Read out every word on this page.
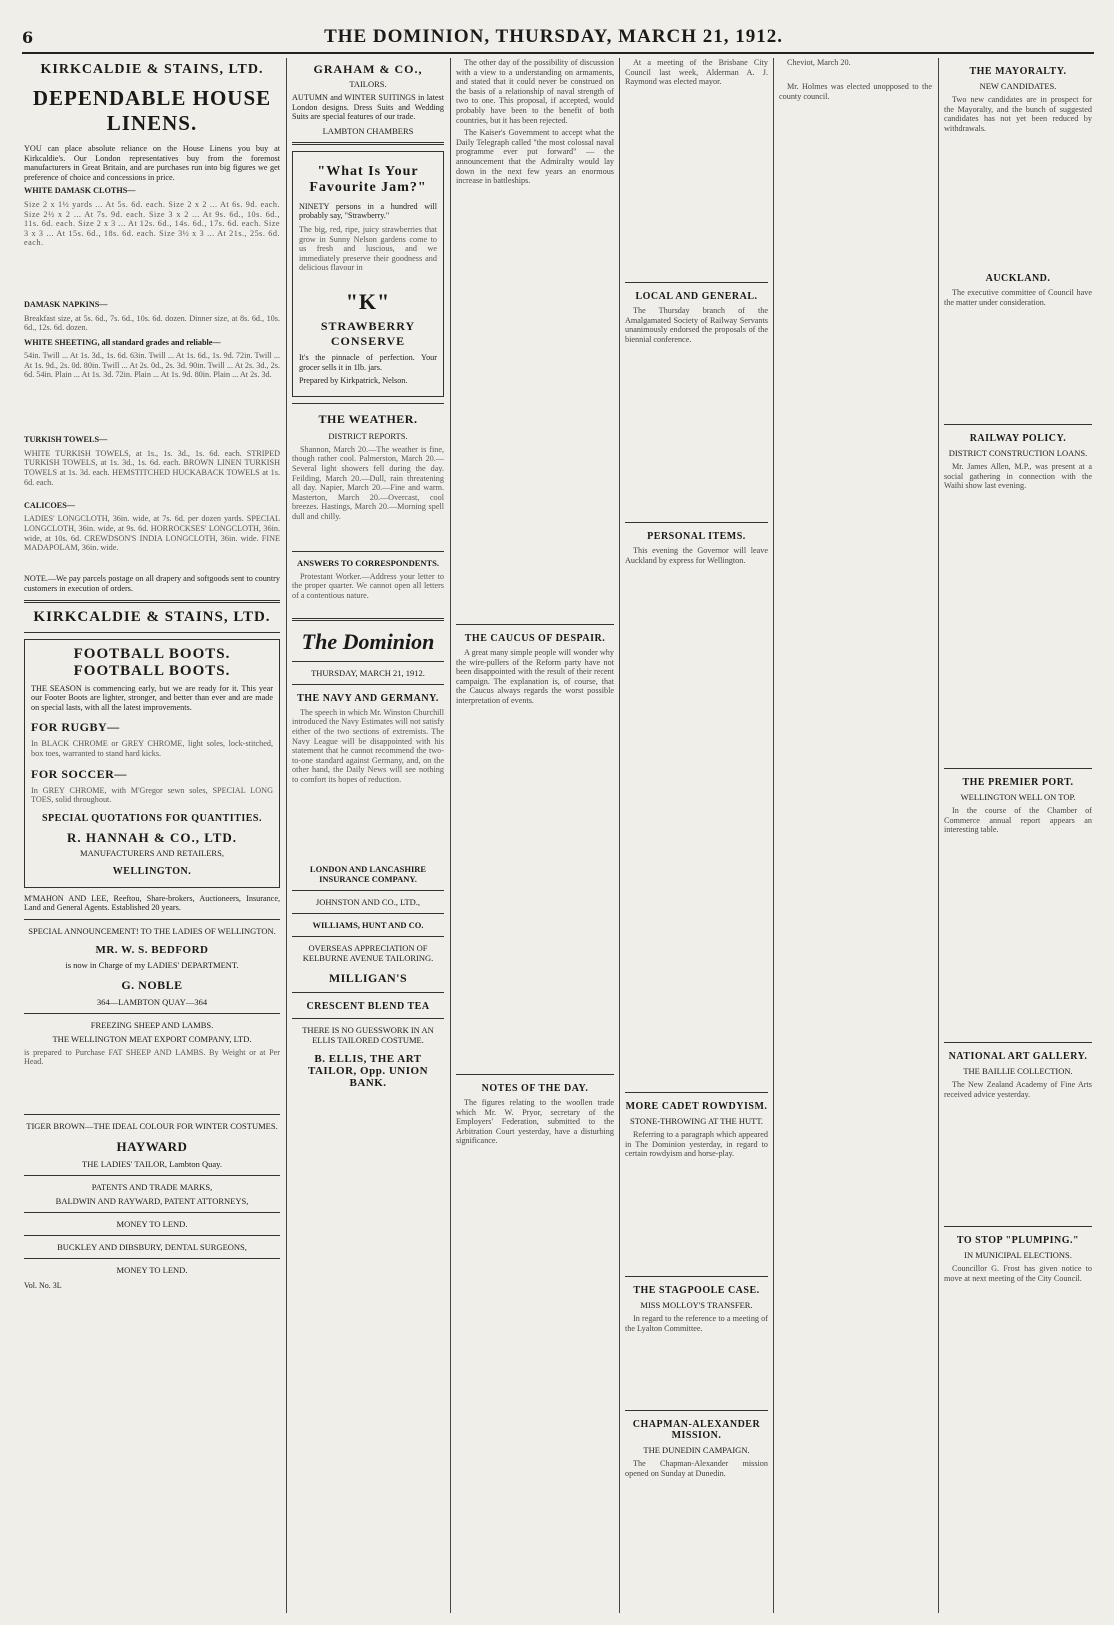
6	THE DOMINION, THURSDAY, MARCH 21, 1912.
KIRKCALDIE & STAINS, LTD.
DEPENDABLE HOUSE LINENS.
YOU can place absolute reliance on the House Linens you buy at Kirkcaldie's. Our London representatives buy from the foremost manufacturers in Great Britain, and are purchases run into big figures we get preference of choice and concessions in price.
WHITE DAMASK CLOTHS—
Size 2 x 1½ yards ... At 5s. 6d. each. Size 2 x 2 ... At 6s. 9d. each. Size 2½ x 2 ... At 7s. 9d. each. Size 3 x 2 ... At 9s. 6d., 10s. 6d., 11s. 6d. each. Size 2 x 3 ... At 12s. 6d., 14s. 6d., 17s. 6d. each. Size 3 x 3 ... At 15s. 6d., 18s. 6d. each. Size 3½ x 3 ... At 21s., 25s. 6d. each.
DAMASK NAPKINS—
Breakfast size, at 5s. 6d., 7s. 6d., 10s. 6d. dozen. Dinner size, at 8s. 6d., 10s. 6d., 12s. 6d. dozen.
WHITE SHEETING, all standard grades and reliable—
54in. Twill ... At 1s. 3d., 1s. 6d. 63in. Twill ... At 1s. 6d., 1s. 9d. 72in. Twill ... At 1s. 9d., 2s. 0d. 80in. Twill ... At 2s. 0d., 2s. 3d. 90in. Twill ... At 2s. 3d., 2s. 6d. 54in. Plain ... At 1s. 3d. 72in. Plain ... At 1s. 9d. 80in. Plain ... At 2s. 3d.
TURKISH TOWELS—
WHITE TURKISH TOWELS, at 1s., 1s. 3d., 1s. 6d. each. STRIPED TURKISH TOWELS, at 1s. 3d., 1s. 6d. each. BROWN LINEN TURKISH TOWELS at 1s. 3d. each. HEMSTITCHED HUCKABACK TOWELS at 1s. 6d. each.
CALICOES—
LADIES' LONGCLOTH, 36in. wide, at 7s. 6d. per dozen yards. SPECIAL LONGCLOTH, 36in. wide, at 9s. 6d. HORROCKSES' LONGCLOTH, 36in. wide, at 10s. 6d. CREWDSON'S INDIA LONGCLOTH, 36in. wide. FINE MADAPOLAM, 36in. wide.
NOTE.—We pay parcels postage on all drapery and softgoods sent to country customers in execution of orders.
KIRKCALDIE & STAINS, LTD.
FOOTBALL BOOTS. FOOTBALL BOOTS.
THE SEASON is commencing early, but we are ready for it. This year our Footer Boots are lighter, stronger, and better than ever and are made on special lasts, with all the latest improvements.
FOR RUGBY—
In BLACK CHROME or GREY CHROME, light soles, lock-stitched, box toes, warranted to stand hard kicks.
FOR SOCCER—
In GREY CHROME, with M'Gregor sewn soles, SPECIAL LONG TOES, solid throughout.
SPECIAL QUOTATIONS FOR QUANTITIES.
R. HANNAH & CO., LTD.
MANUFACTURERS AND RETAILERS,
WELLINGTON.
M'MAHON AND LEE, Reeftou, Share-brokers, Auctioneers, Insurance, Land and General Agents. Established 20 years.
SPECIAL ANNOUNCEMENT! TO THE LADIES OF WELLINGTON.
MR. W. S. BEDFORD
is now in Charge of my LADIES' DEPARTMENT.
G. NOBLE
364—LAMBTON QUAY—364
FREEZING SHEEP AND LAMBS.
THE WELLINGTON MEAT EXPORT COMPANY, LTD.
is prepared to Purchase FAT SHEEP AND LAMBS. By Weight or at Per Head.
TIGER BROWN—THE IDEAL COLOUR FOR WINTER COSTUMES.
HAYWARD
THE LADIES' TAILOR, Lambton Quay.
PATENTS AND TRADE MARKS,
BALDWIN AND RAYWARD, PATENT ATTORNEYS,
MONEY TO LEND.
BUCKLEY AND DIBSBURY, DENTAL SURGEONS,
MONEY TO LEND.
Vol. No. 3L
GRAHAM & CO.,
TAILORS.
AUTUMN and WINTER SUITINGS in latest London designs. Dress Suits and Wedding Suits are special features of our trade.
LAMBTON CHAMBERS
"What Is Your Favourite Jam?"
NINETY persons in a hundred will probably say, "Strawberry."
The big, red, ripe, juicy strawberries that grow in Sunny Nelson gardens come to us fresh and luscious, and we immediately preserve their goodness and delicious flavour in
"K"
STRAWBERRY CONSERVE
It's the pinnacle of perfection. Your grocer sells it in 1lb. jars.
Prepared by Kirkpatrick, Nelson.
THE WEATHER.
DISTRICT REPORTS.

Shannon, March 20.—The weather is fine, though rather cool. Palmerston, March 20.—Several light showers fell during the day. Feilding, March 20.—Dull, rain threatening all day. Napier, March 20.—Fine and warm. Masterton, March 20.—Overcast, cool breezes. Hastings, March 20.—Morning spell dull and chilly.

ANSWERS TO CORRESPONDENTS.

Protestant Worker.—Address your letter to the proper quarter. We cannot open all letters of a contentious nature.

The Dominion
THURSDAY, MARCH 21, 1912.
THE NAVY AND GERMANY.

The speech in which Mr. Winston Churchill introduced the Navy Estimates will not satisfy either of the two sections of extremists. The Navy League will be disappointed with his statement that he cannot recommend the two-to-one standard against Germany, and, on the other hand, the Daily News will see nothing to comfort its hopes of reduction.

LONDON AND LANCASHIRE INSURANCE COMPANY.
JOHNSTON AND CO., LTD.,
WILLIAMS, HUNT AND CO.
OVERSEAS APPRECIATION OF KELBURNE AVENUE TAILORING.
MILLIGAN'S
CRESCENT BLEND TEA
THERE IS NO GUESSWORK IN AN ELLIS TAILORED COSTUME.
B. ELLIS, THE ART TAILOR, Opp. UNION BANK.

The other day of the possibility of discussion with a view to a understanding on armaments, and stated that it could never be construed on the basis of a relationship of naval strength of two to one. This proposal, if accepted, would probably have been to the benefit of both countries, but it has been rejected.

The Kaiser's Government to accept what the Daily Telegraph called "the most colossal naval programme ever put forward" — the announcement that the Admiralty would lay down in the next few years an enormous increase in battleships.

THE CAUCUS OF DESPAIR.

A great many simple people will wonder why the wire-pullers of the Reform party have not been disappointed with the result of their recent campaign. The explanation is, of course, that the Caucus always regards the worst possible interpretation of events.

NOTES OF THE DAY.

The figures relating to the woollen trade which Mr. W. Pryor, secretary of the Employers' Federation, submitted to the Arbitration Court yesterday, have a disturbing significance.

At a meeting of the Brisbane City Council last week, Alderman A. J. Raymond was elected mayor.

LOCAL AND GENERAL.

The Thursday branch of the Amalgamated Society of Railway Servants unanimously endorsed the proposals of the biennial conference.

PERSONAL ITEMS.

This evening the Governor will leave Auckland by express for Wellington.

MORE CADET ROWDYISM.
STONE-THROWING AT THE HUTT.

Referring to a paragraph which appeared in The Dominion yesterday, in regard to certain rowdyism and horse-play.

THE STAGPOOLE CASE.
MISS MOLLOY'S TRANSFER.

In regard to the reference to a meeting of the Lyalton Committee.

CHAPMAN-ALEXANDER MISSION.
THE DUNEDIN CAMPAIGN.

The Chapman-Alexander mission opened on Sunday at Dunedin.

Cheviot, March 20.

Mr. Holmes was elected unopposed to the county council.

THE MAYORALTY.
NEW CANDIDATES.

Two new candidates are in prospect for the Mayoralty, and the bunch of suggested candidates has not yet been reduced by withdrawals.

AUCKLAND.

The executive committee of Council have the matter under consideration.

RAILWAY POLICY.
DISTRICT CONSTRUCTION LOANS.

Mr. James Allen, M.P., was present at a social gathering in connection with the Waihi show last evening.

THE PREMIER PORT.
WELLINGTON WELL ON TOP.

In the course of the Chamber of Commerce annual report appears an interesting table.

NATIONAL ART GALLERY.
THE BAILLIE COLLECTION.

The New Zealand Academy of Fine Arts received advice yesterday.

TO STOP "PLUMPING."
IN MUNICIPAL ELECTIONS.

Councillor G. Frost has given notice to move at next meeting of the City Council.
